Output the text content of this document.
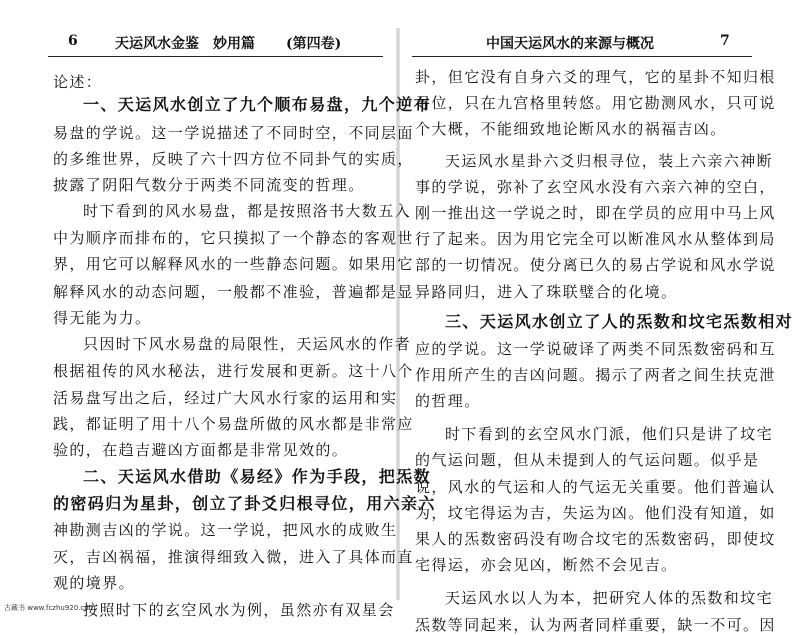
6	天运风水金鉴　妙用篇 (第四卷)	中国天运风水的来源与概况	7
论述：
一、天运风水创立了九个顺布易盘，九个逆布
易盘的学说。这一学说描述了不同时空，不同层面
的多维世界，反映了六十四方位不同卦气的实质，
披露了阴阳气数分于两类不同流变的哲理。
时下看到的风水易盘，都是按照洛书大数五入
中为顺序而排布的，它只摸拟了一个静态的客观世
界，用它可以解释风水的一些静态问题。如果用它
解释风水的动态问题，一般都不准验，普遍都是显
得无能为力。
只因时下风水易盘的局限性，天运风水的作者
根据祖传的风水秘法，进行发展和更新。这十八个
活易盘写出之后，经过广大风水行家的运用和实
践，都证明了用十八个易盘所做的风水都是非常应
验的，在趋吉避凶方面都是非常见效的。
二、天运风水借助《易经》作为手段，把炁数
的密码归为星卦，创立了卦爻归根寻位，用六亲六
神勘测吉凶的学说。这一学说，把风水的成败生
灭，吉凶祸福，推演得细致入微，进入了具体而直
观的境界。
按照时下的玄空风水为例，虽然亦有双星会
卦，但它没有自身六爻的理气，它的星卦不知归根
寻位，只在九宫格里转悠。用它勘测风水，只可说
个大概，不能细致地论断风水的祸福吉凶。
天运风水星卦六爻归根寻位，装上六亲六神断
事的学说，弥补了玄空风水没有六亲六神的空白，
刚一推出这一学说之时，即在学员的应用中马上风
行了起来。因为用它完全可以断准风水从整体到局
部的一切情况。使分离已久的易占学说和风水学说
异路同归，进入了珠联璧合的化境。
三、天运风水创立了人的炁数和坟宅炁数相对
应的学说。这一学说破译了两类不同炁数密码和互
作用所产生的吉凶问题。揭示了两者之间生扶克泄
的哲理。
时下看到的玄空风水门派，他们只是讲了坟宅
的气运问题，但从未提到人的气运问题。似乎是
说，风水的气运和人的气运无关重要。他们普遍认
为，坟宅得运为吉，失运为凶。他们没有知道，如
果人的炁数密码没有吻合坟宅的炁数密码，即使坟
宅得运，亦会见凶，断然不会见吉。
天运风水以人为本，把研究人体的炁数和坟宅
炁数等同起来，认为两者同样重要，缺一不可。因
古藏书 www.fczhu920.com
